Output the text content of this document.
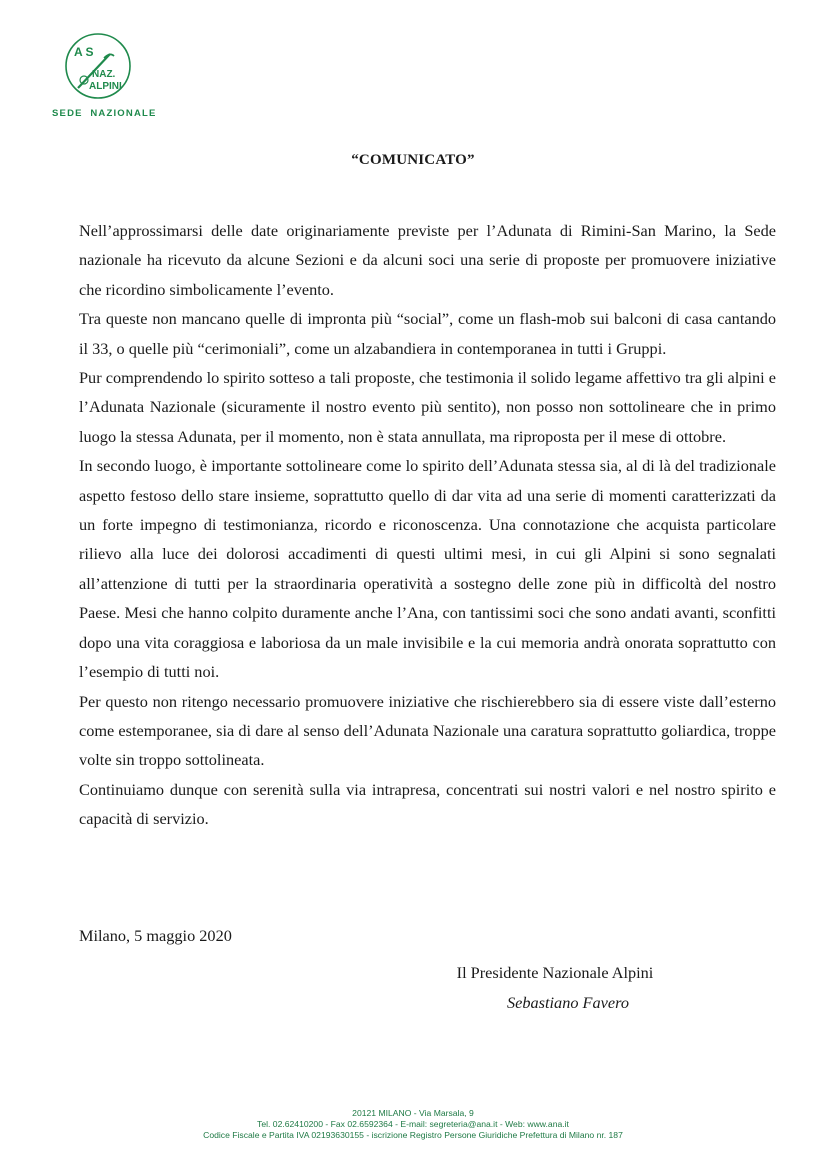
A S
NAZ.
ALPINI
SEDE  NAZIONALE
“COMUNICATO”

Nell’approssimarsi delle date originariamente previste per l’Adunata di Rimini-San Marino, la Sede nazionale ha ricevuto da alcune Sezioni e da alcuni soci una serie di proposte per promuovere iniziative che ricordino simbolicamente l’evento.

Tra queste non mancano quelle di impronta più “social”, come un flash-mob sui balconi di casa cantando il 33, o quelle più “cerimoniali”, come un alzabandiera in contemporanea in tutti i Gruppi.

Pur comprendendo lo spirito sotteso a tali proposte, che testimonia il solido legame affettivo tra gli alpini e l’Adunata Nazionale (sicuramente il nostro evento più sentito), non posso non sottolineare che in primo luogo la stessa Adunata, per il momento, non è stata annullata, ma riproposta per il mese di ottobre.

In secondo luogo, è importante sottolineare come lo spirito dell’Adunata stessa sia, al di là del tradizionale aspetto festoso dello stare insieme, soprattutto quello di dar vita ad una serie di momenti caratterizzati da un forte impegno di testimonianza, ricordo e riconoscenza. Una connotazione che acquista particolare rilievo alla luce dei dolorosi accadimenti di questi ultimi mesi, in cui gli Alpini si sono segnalati all’attenzione di tutti per la straordinaria operatività a sostegno delle zone più in difficoltà del nostro Paese. Mesi che hanno colpito duramente anche l’Ana, con tantissimi soci che sono andati avanti, sconfitti dopo una vita coraggiosa e laboriosa da un male invisibile e la cui memoria andrà onorata soprattutto con l’esempio di tutti noi.

Per questo non ritengo necessario promuovere iniziative che rischierebbero sia di essere viste dall’esterno come estemporanee, sia di dare al senso dell’Adunata Nazionale una caratura soprattutto goliardica, troppe volte sin troppo sottolineata.

Continuiamo dunque con serenità sulla via intrapresa, concentrati sui nostri valori e nel nostro spirito e capacità di servizio.

Milano, 5 maggio 2020
Il Presidente Nazionale Alpini
Sebastiano Favero
20121 MILANO - Via Marsala, 9
Tel. 02.62410200 - Fax 02.6592364 - E-mail: segreteria@ana.it - Web: www.ana.it
Codice Fiscale e Partita IVA 02193630155 - iscrizione Registro Persone Giuridiche Prefettura di Milano nr. 187
